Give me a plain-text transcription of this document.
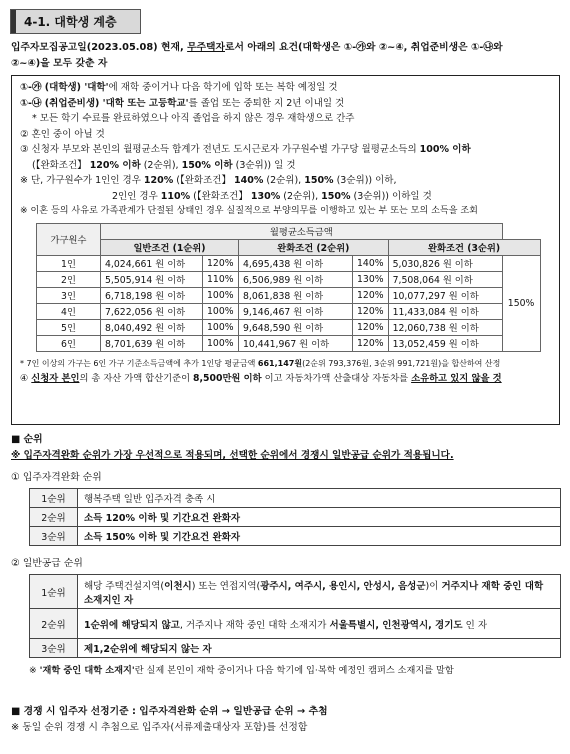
4-1. 대학생 계층
입주자모집공고일(2023.05.08) 현재, 무주택자로서 아래의 요건(대학생은 ①-㉮와 ②~④, 취업준비생은 ①-㉯와
②~④)을 모두 갖춘 자
①-㉮ (대학생) '대학'에 재학 중이거나 다음 학기에 입학 또는 복학 예정일 것
①-㉯ (취업준비생) '대학 또는 고등학교'를 졸업 또는 중퇴한 지 2년 이내일 것
* 모든 학기 수료를 완료하였으나 아직 졸업을 하지 않은 경우 재학생으로 간주
② 혼인 중이 아닐 것
③ 신청자 부모와 본인의 월평균소득 합계가 전년도 도시근로자 가구원수별 가구당 월평균소득의 100% 이하
(【완화조건】 120% 이하 (2순위), 150% 이하 (3순위)) 일 것
※ 단, 가구원수가 1인인 경우 120% (【완화조건】 140% (2순위), 150% (3순위)) 이하,
2인인 경우 110% (【완화조건】 130% (2순위), 150% (3순위)) 이하일 것
※ 이혼 등의 사유로 가족관계가 단절된 상태인 경우 실질적으로 부양의무를 이행하고 있는 부 또는 모의 소득을 조회
가구원수	월평균소득금액					
	일반조건 (1순위)		완화조건 (2순위)		완화조건 (3순위)	
1인	4,024,661 원 이하	120%	4,695,438 원 이하	140%	5,030,826 원 이하	150%
2인	5,505,914 원 이하	110%	6,506,989 원 이하	130%	7,508,064 원 이하	
3인	6,718,198 원 이하	100%	8,061,838 원 이하	120%	10,077,297 원 이하	
4인	7,622,056 원 이하	100%	9,146,467 원 이하	120%	11,433,084 원 이하	
5인	8,040,492 원 이하	100%	9,648,590 원 이하	120%	12,060,738 원 이하	
6인	8,701,639 원 이하	100%	10,441,967 원 이하	120%	13,052,459 원 이하	
* 7인 이상의 가구는 6인 가구 기준소득금액에 추가 1인당 평균금액 661,147원(2순위 793,376원, 3순위 991,721원)을 합산하여 산정
④ 신청자 본인의 총 자산 가액 합산기준이 8,500만원 이하 이고 자동차가액 산출대상 자동차를 소유하고 있지 않을 것
■ 순위
※ 입주자격완화 순위가 가장 우선적으로 적용되며, 선택한 순위에서 경쟁시 일반공급 순위가 적용됩니다.
① 입주자격완화 순위
1순위	행복주택 일반 입주자격 충족 시
2순위	소득 120% 이하 및 기간요건 완화자
3순위	소득 150% 이하 및 기간요건 완화자
② 일반공급 순위
1순위	해당 주택건설지역(이천시) 또는 연접지역(광주시, 여주시, 용인시, 안성시, 음성군)이 거주지나 재학 중인 대학 소재지인 자
2순위	1순위에 해당되지 않고, 거주지나 재학 중인 대학 소재지가 서울특별시, 인천광역시, 경기도 인 자
3순위	제1,2순위에 해당되지 않는 자
※ '재학 중인 대학 소재지'란 실제 본인이 재학 중이거나 다음 학기에 입·복학 예정인 캠퍼스 소재지를 말함
■ 경쟁 시 입주자 선정기준 : 입주자격완화 순위 → 일반공급 순위 → 추첨
※ 동일 순위 경쟁 시 추첨으로 입주자(서류제출대상자 포함)를 선정함
